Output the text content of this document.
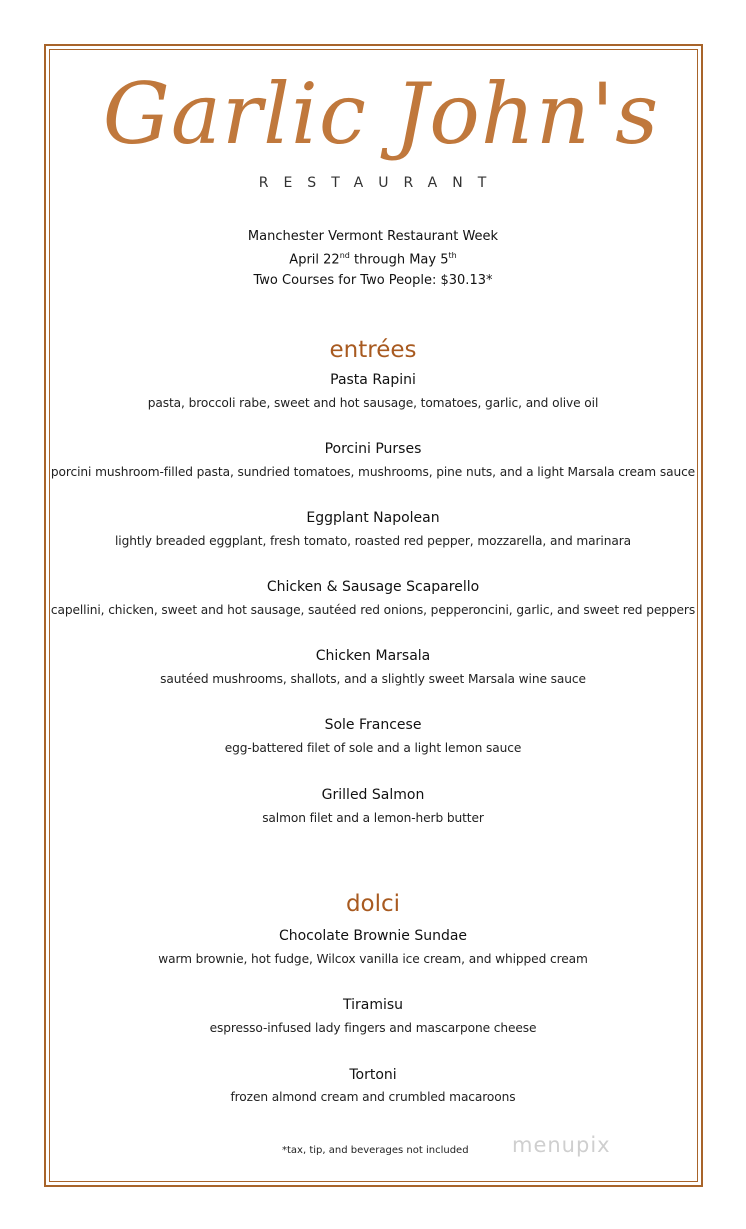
Garlic John's
RESTAURANT
Manchester Vermont Restaurant Week
April 22nd through May 5th
Two Courses for Two People: $30.13*
entrées
Pasta Rapini
pasta, broccoli rabe, sweet and hot sausage, tomatoes, garlic, and olive oil
Porcini Purses
porcini mushroom-filled pasta, sundried tomatoes, mushrooms, pine nuts, and a light Marsala cream sauce
Eggplant Napolean
lightly breaded eggplant, fresh tomato, roasted red pepper, mozzarella, and marinara
Chicken & Sausage Scaparello
capellini, chicken, sweet and hot sausage, sautéed red onions, pepperoncini, garlic, and sweet red peppers
Chicken Marsala
sautéed mushrooms, shallots, and a slightly sweet Marsala wine sauce
Sole Francese
egg-battered filet of sole and a light lemon sauce
Grilled Salmon
salmon filet and a lemon-herb butter
dolci
Chocolate Brownie Sundae
warm brownie, hot fudge, Wilcox vanilla ice cream, and whipped cream
Tiramisu
espresso-infused lady fingers and mascarpone cheese
Tortoni
frozen almond cream and crumbled macaroons
*tax, tip, and beverages not included menupix
